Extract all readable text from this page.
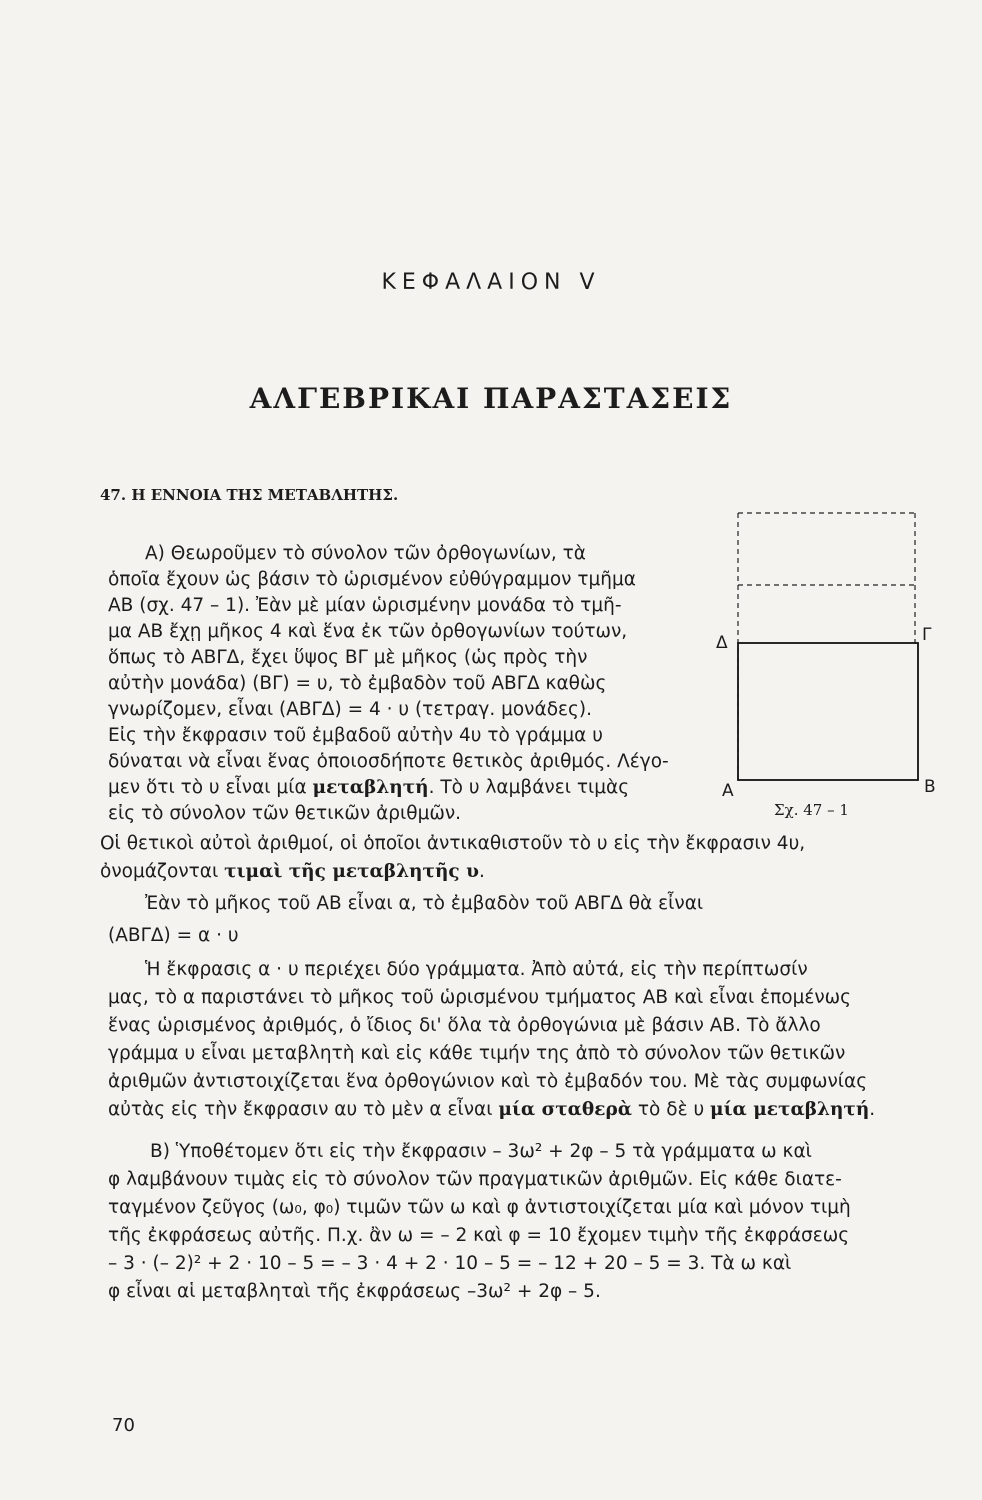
ΚΕΦΑΛΑΙΟΝ V
ΑΛΓΕΒΡΙΚΑΙ ΠΑΡΑΣΤΑΣΕΙΣ
47. Η ΕΝΝΟΙΑ ΤΗΣ ΜΕΤΑΒΛΗΤΗΣ.
Α) Θεωροῦμεν τὸ σύνολον τῶν ὀρθογωνίων, τὰ
ὁποῖα ἔχουν ὡς βάσιν τὸ ὡρισμένον εὐθύγραμμον τμῆμα
ΑΒ (σχ. 47 – 1). Ἐὰν μὲ μίαν ὡρισμένην μονάδα τὸ τμῆ-
μα ΑΒ ἔχῃ μῆκος 4 καὶ ἕνα ἐκ τῶν ὀρθογωνίων τούτων,
ὅπως τὸ ΑΒΓΔ, ἔχει ὕψος ΒΓ μὲ μῆκος (ὡς πρὸς τὴν
αὐτὴν μονάδα) (ΒΓ) = υ, τὸ ἐμβαδὸν τοῦ ΑΒΓΔ καθὼς
γνωρίζομεν, εἶναι (ΑΒΓΔ) = 4 · υ (τετραγ. μονάδες).
Εἰς τὴν ἔκφρασιν τοῦ ἐμβαδοῦ αὐτὴν 4υ τὸ γράμμα υ
δύναται νὰ εἶναι ἕνας ὁποιοσδήποτε θετικὸς ἀριθμός. Λέγο-
μεν ὅτι τὸ υ εἶναι μία μεταβλητή. Τὸ υ λαμβάνει τιμὰς
εἰς τὸ σύνολον τῶν θετικῶν ἀριθμῶν.
Οἱ θετικοὶ αὐτοὶ ἀριθμοί, οἱ ὁποῖοι ἀντικαθιστοῦν τὸ υ εἰς τὴν ἔκφρασιν 4υ,
ὀνομάζονται τιμαὶ τῆς μεταβλητῆς υ.
Ἐὰν τὸ μῆκος τοῦ ΑΒ εἶναι α, τὸ ἐμβαδὸν τοῦ ΑΒΓΔ θὰ εἶναι
(ΑΒΓΔ) = α · υ
Ἡ ἔκφρασις α · υ περιέχει δύο γράμματα. Ἀπὸ αὐτά, εἰς τὴν περίπτωσίν
μας, τὸ α παριστάνει τὸ μῆκος τοῦ ὡρισμένου τμήματος ΑΒ καὶ εἶναι ἐπομένως
ἕνας ὡρισμένος ἀριθμός, ὁ ἴδιος δι' ὅλα τὰ ὀρθογώνια μὲ βάσιν ΑΒ. Τὸ ἄλλο
γράμμα υ εἶναι μεταβλητὴ καὶ εἰς κάθε τιμήν της ἀπὸ τὸ σύνολον τῶν θετικῶν
ἀριθμῶν ἀντιστοιχίζεται ἕνα ὀρθογώνιον καὶ τὸ ἐμβαδόν του. Μὲ τὰς συμφωνίας
αὐτὰς εἰς τὴν ἔκφρασιν αυ τὸ μὲν α εἶναι μία σταθερὰ τὸ δὲ υ μία μεταβλητή.
Β) Ὑποθέτομεν ὅτι εἰς τὴν ἔκφρασιν – 3ω² + 2φ – 5 τὰ γράμματα ω καὶ
φ λαμβάνουν τιμὰς εἰς τὸ σύνολον τῶν πραγματικῶν ἀριθμῶν. Εἰς κάθε διατε-
ταγμένον ζεῦγος (ω₀, φ₀) τιμῶν τῶν ω καὶ φ ἀντιστοιχίζεται μία καὶ μόνον τιμὴ
τῆς ἐκφράσεως αὐτῆς. Π.χ. ἂν ω = – 2 καὶ φ = 10 ἔχομεν τιμὴν τῆς ἐκφράσεως
– 3 · (– 2)² + 2 · 10 – 5 = – 3 · 4 + 2 · 10 – 5 = – 12 + 20 – 5 = 3. Τὰ ω καὶ
φ εἶναι αἱ μεταβληταὶ τῆς ἐκφράσεως –3ω² + 2φ – 5.
Δ	Γ
Α	Β
Σχ. 47 – 1
70
